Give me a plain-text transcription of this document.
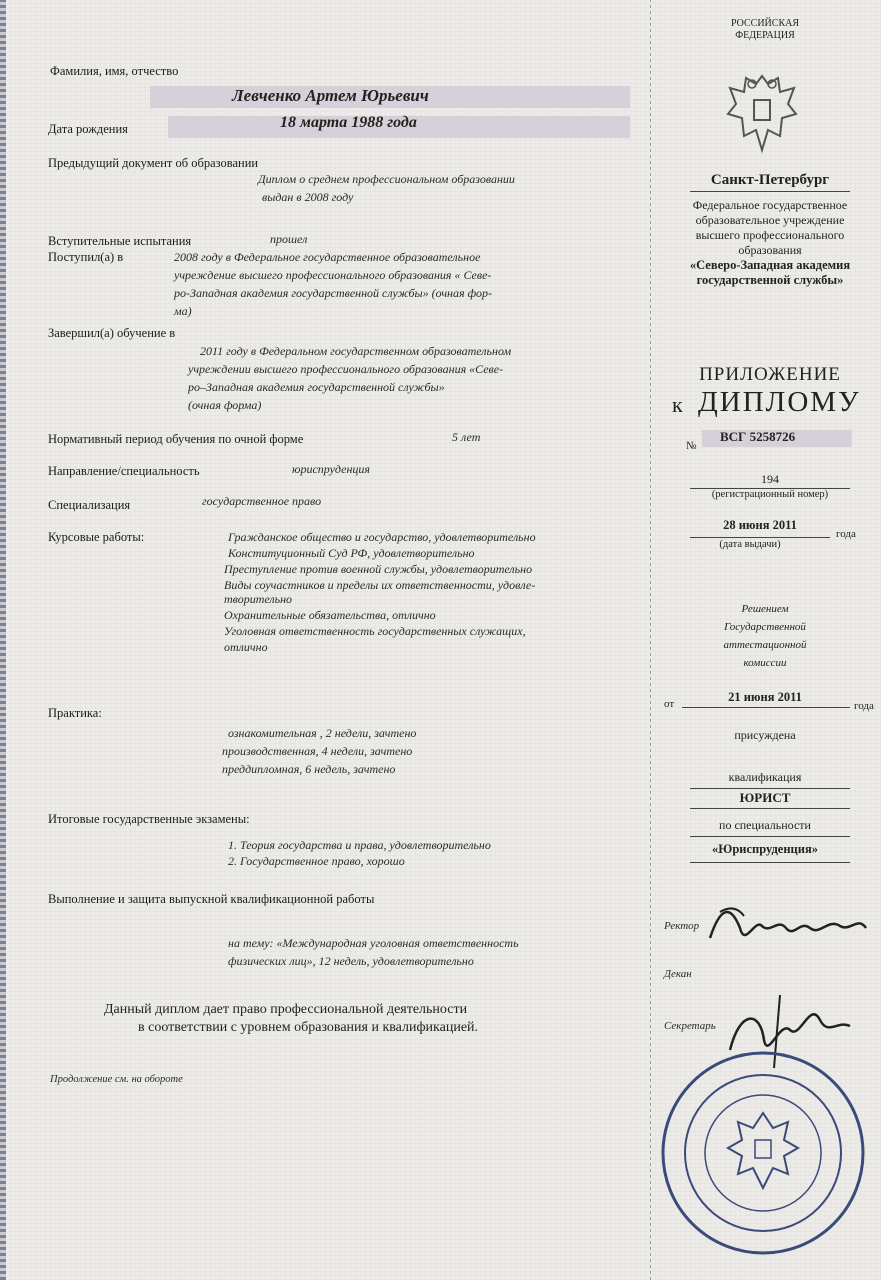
Фамилия, имя, отчество
Левченко Артем Юрьевич
Дата рождения	18 марта 1988 года
Предыдущий документ об образовании
Диплом о среднем профессиональном образовании
выдан в 2008 году
Вступительные испытания	прошел
Поступил(а) в	2008 году в Федеральное государственное образовательное
учреждение высшего профессионального образования « Севе-
ро-Западная академия государственной службы» (очная фор-
ма)
Завершил(а) обучение в
2011 году в Федеральном государственном образовательном
учреждении высшего профессионального образования «Севе-
ро–Западная академия государственной службы»
(очная форма)
Нормативный период обучения по очной форме	5 лет
Направление/специальность	юриспруденция
Специализация	государственное право
Курсовые работы:	Гражданское общество и государство, удовлетворительно
Конституционный Суд РФ, удовлетворительно
Преступление против военной службы, удовлетворительно
Виды соучастников и пределы их ответственности, удовле-
творительно
Охранительные обязательства, отлично
Уголовная ответственность государственных служащих,
отлично
Практика:
ознакомительная , 2 недели, зачтено
производственная, 4 недели, зачтено
преддипломная, 6 недель, зачтено
Итоговые государственные экзамены:
1. Теория государства и права, удовлетворительно
2. Государственное право, хорошо
Выполнение и защита выпускной квалификационной работы
на тему: «Международная уголовная ответственность
физических лиц», 12 недель, удовлетворительно
Данный диплом дает право профессиональной деятельности
в соответствии с уровнем образования и квалификацией.
Продолжение см. на обороте
РОССИЙСКАЯ
ФЕДЕРАЦИЯ
Санкт-Петербург
Федеральное государственное
образовательное учреждение
высшего профессионального
образования
«Северо-Западная академия
государственной службы»
ПРИЛОЖЕНИЕ
к ДИПЛОМУ
№
ВСГ 5258726
194
(регистрационный номер)
28 июня 2011
года
(дата выдачи)
Решением
Государственной
аттестационной
комиссии
от	21 июня 2011
года
присуждена
квалификация
ЮРИСТ
по специальности
«Юриспруденция»
Ректор
Декан
Секретарь
